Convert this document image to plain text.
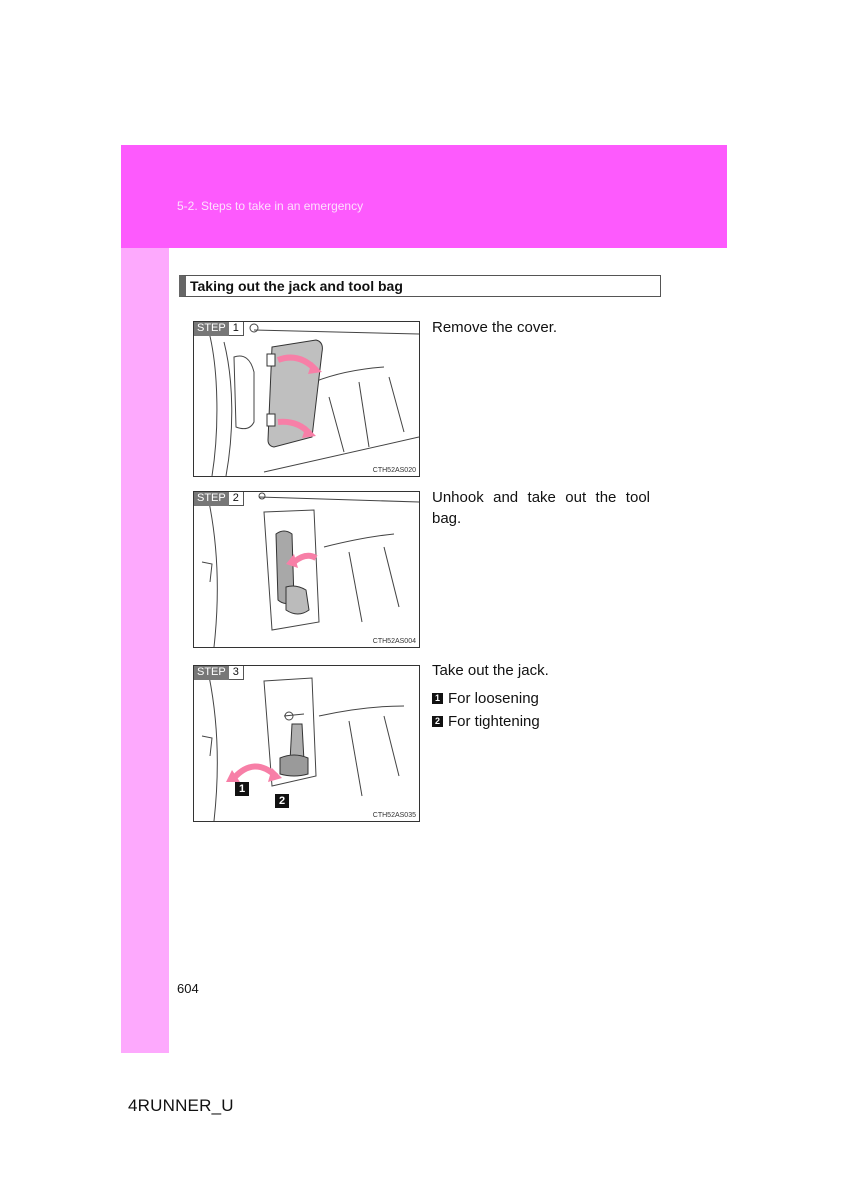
5-2. Steps to take in an emergency
Taking out the jack and tool bag
STEP 1
CTH52AS020
Remove the cover.
STEP 2
CTH52AS004
Unhook and take out the tool bag.
STEP 3
1
2
CTH52AS035
Take out the jack.
1 For loosening
2 For tightening
604
4RUNNER_U
